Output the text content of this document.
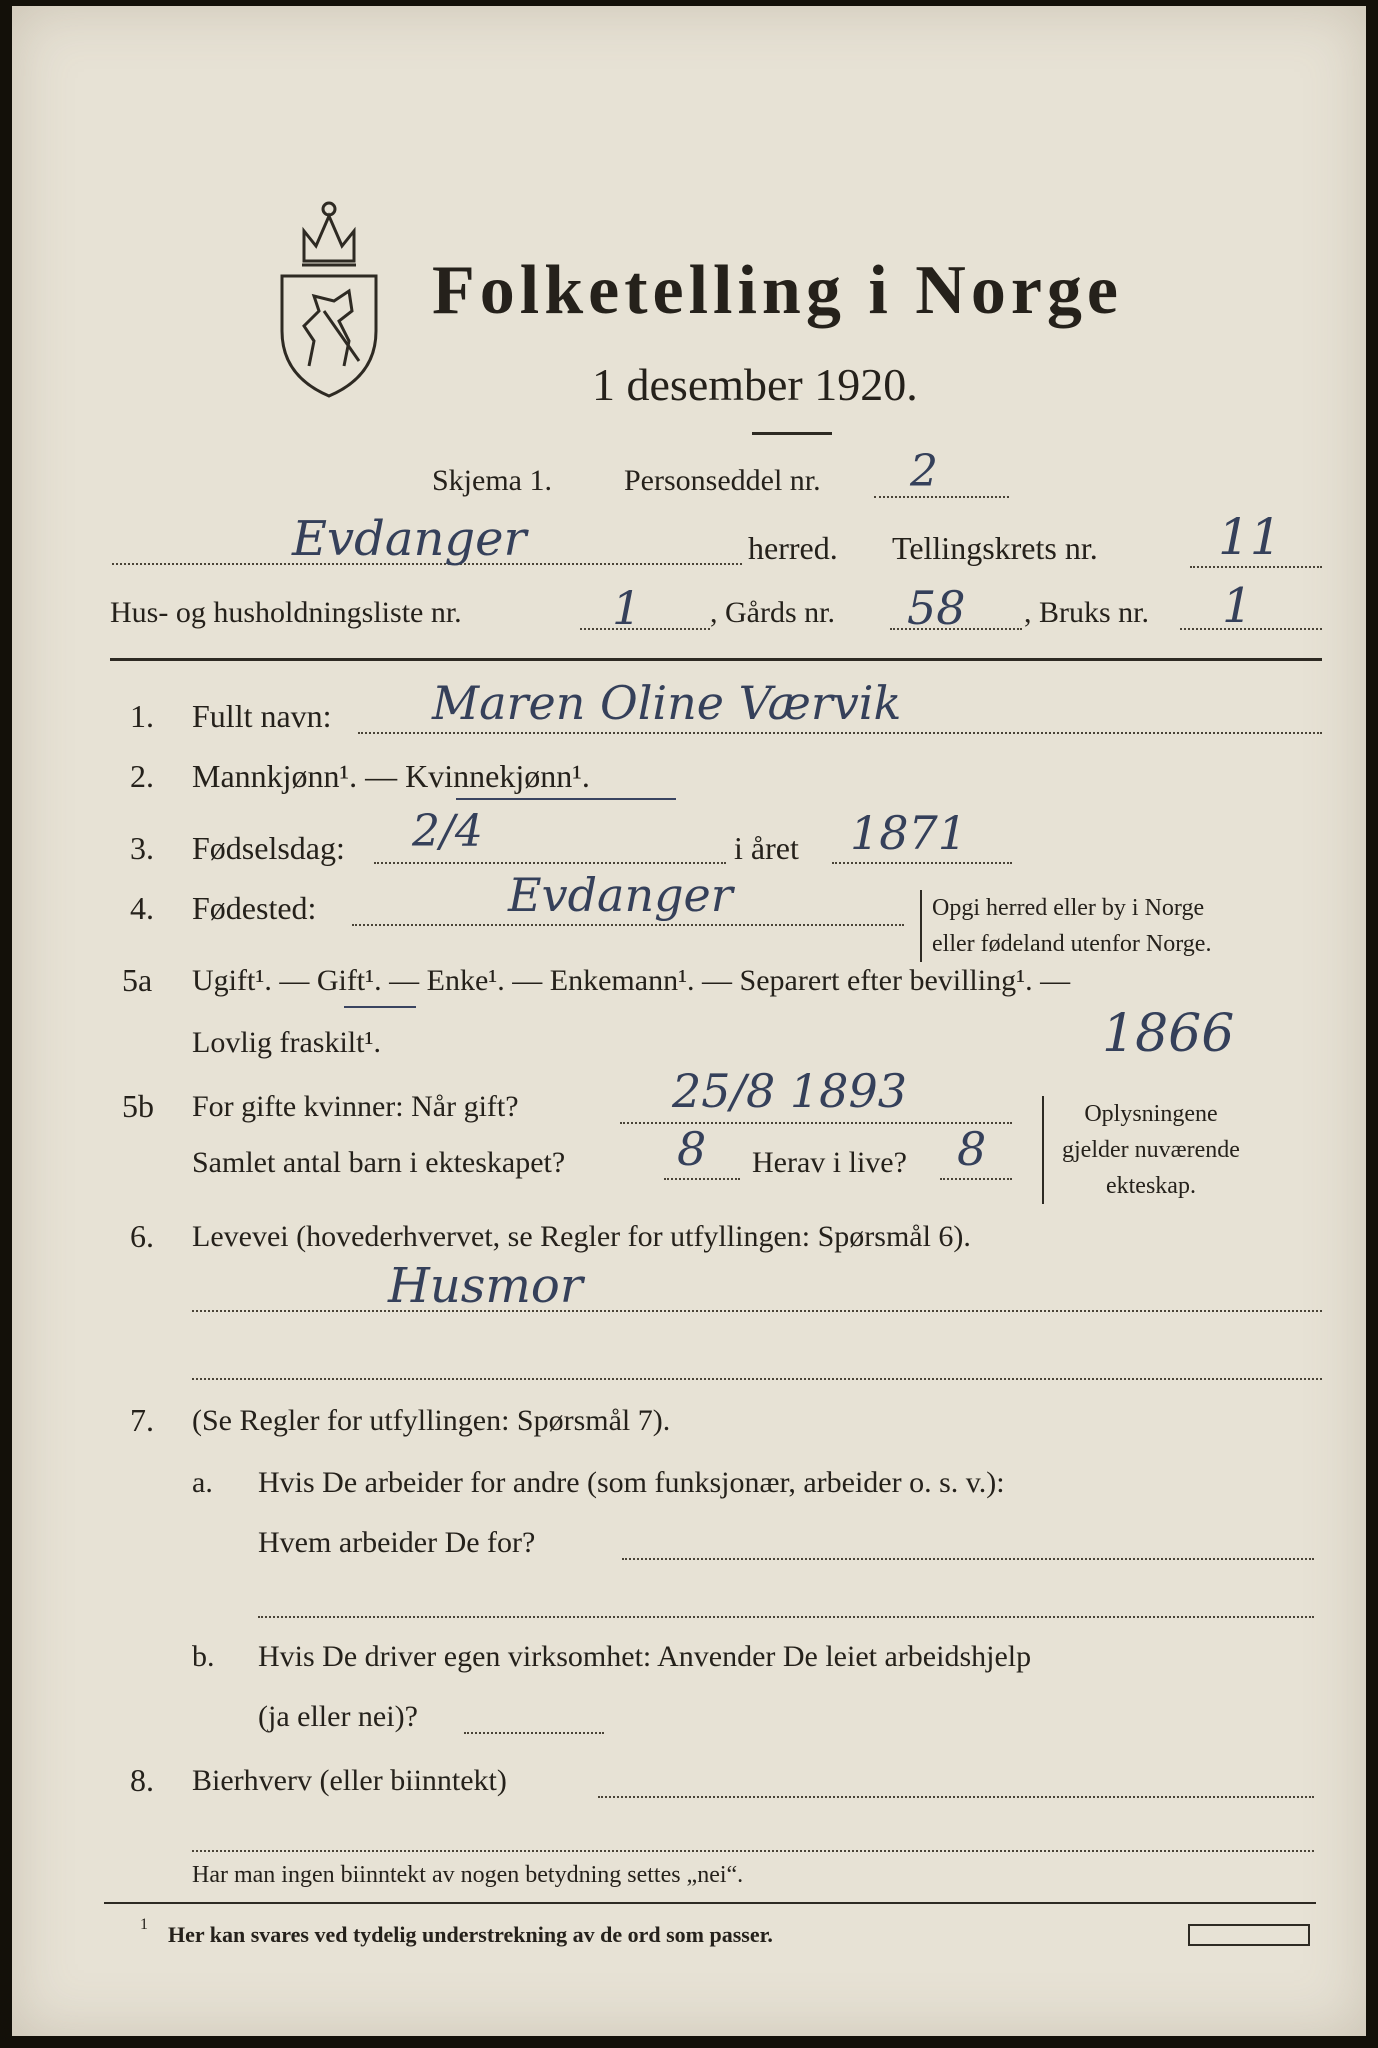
Folketelling i Norge
1 desember 1920.
Skjema 1. Personseddel nr. 2
Evdanger	herred. Tellingskrets nr. 11
Hus- og husholdningsliste nr.	1 , Gårds nr. 58 , Bruks nr. 1
1. Fullt navn: Maren Oline Værvik
2. Mannkjønn¹. — Kvinnekjønn¹.
3. Fødselsdag: 2/4	i året 1871
4. Fødested:	Evdanger	Opgi herred eller by i Norge
eller fødeland utenfor Norge.
5a Ugift¹. — Gift¹. — Enke¹. — Enkemann¹. — Separert efter bevilling¹. —
Lovlig fraskilt¹.	1866
5b For gifte kvinner: Når gift?	25/8 1893
Samlet antal barn i ekteskapet? 8 Herav i live? 8
Oplysningene
gjelder nuværende
ekteskap.
6. Levevei (hovederhvervet, se Regler for utfyllingen: Spørsmål 6).
Husmor
7. (Se Regler for utfyllingen: Spørsmål 7).
a. Hvis De arbeider for andre (som funksjonær, arbeider o. s. v.):
Hvem arbeider De for?
b. Hvis De driver egen virksomhet: Anvender De leiet arbeidshjelp
(ja eller nei)?
8. Bierhverv (eller biinntekt)
Har man ingen biinntekt av nogen betydning settes „nei“.
1 Her kan svares ved tydelig understrekning av de ord som passer.
